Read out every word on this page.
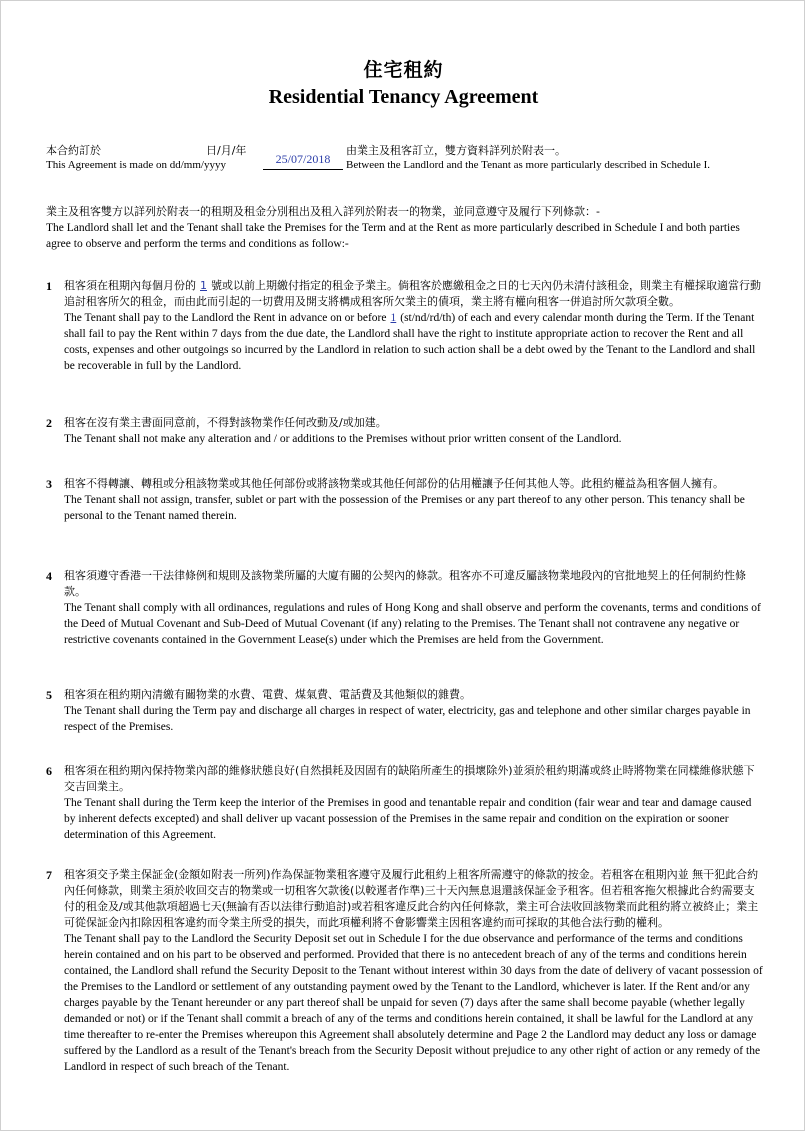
住宅租約
Residential Tenancy Agreement
本合約訂於	日/月/年
This Agreement is made on dd/mm/yyyy	25/07/2018
由業主及租客訂立，雙方資料詳列於附表一。
Between the Landlord and the Tenant as more particularly described in Schedule I.
業主及租客雙方以詳列於附表一的租期及租金分別租出及租入詳列於附表一的物業，並同意遵守及履行下列條款：-
The Landlord shall let and the Tenant shall take the Premises for the Term and at the Rent as more particularly described in Schedule I and both parties agree to observe and perform the terms and conditions as follow:-
1 租客須在租期內每個月份的 1 號或以前上期繳付指定的租金予業主。倘租客於應繳租金之日的七天內仍未清付該租金，則業主有權採取適當行動追討租客所欠的租金，而由此而引起的一切費用及開支將構成租客所欠業主的債項，業主將有權向租客一併追討所欠款項全數。
The Tenant shall pay to the Landlord the Rent in advance on or before 1 (st/nd/rd/th) of each and every calendar month during the Term. If the Tenant shall fail to pay the Rent within 7 days from the due date, the Landlord shall have the right to institute appropriate action to recover the Rent and all costs, expenses and other outgoings so incurred by the Landlord in relation to such action shall be a debt owed by the Tenant to the Landlord and shall be recoverable in full by the Landlord.
2 租客在沒有業主書面同意前，不得對該物業作任何改動及/或加建。
The Tenant shall not make any alteration and / or additions to the Premises without prior written consent of the Landlord.
3 租客不得轉讓、轉租或分租該物業或其他任何部份或將該物業或其他任何部份的佔用權讓予任何其他人等。此租約權益為租客個人擁有。
The Tenant shall not assign, transfer, sublet or part with the possession of the Premises or any part thereof to any other person. This tenancy shall be personal to the Tenant named therein.
4 租客須遵守香港一干法律條例和規則及該物業所屬的大廈有關的公契內的條款。租客亦不可違反屬該物業地段內的官批地契上的任何制約性條款。
The Tenant shall comply with all ordinances, regulations and rules of Hong Kong and shall observe and perform the covenants, terms and conditions of the Deed of Mutual Covenant and Sub-Deed of Mutual Covenant (if any) relating to the Premises. The Tenant shall not contravene any negative or restrictive covenants contained in the Government Lease(s) under which the Premises are held from the Government.
5 租客須在租約期內清繳有關物業的水費、電費、煤氣費、電話費及其他類似的雜費。
The Tenant shall during the Term pay and discharge all charges in respect of water, electricity, gas and telephone and other similar charges payable in respect of the Premises.
6 租客須在租約期內保持物業內部的維修狀態良好(自然損耗及因固有的缺陷所產生的損壞除外)並須於租約期滿或終止時將物業在同樣維修狀態下交吉回業主。
The Tenant shall during the Term keep the interior of the Premises in good and tenantable repair and condition (fair wear and tear and damage caused by inherent defects excepted) and shall deliver up vacant possession of the Premises in the same repair and condition on the expiration or sooner determination of this Agreement.
7 租客須交予業主保証金(金額如附表一所列)作為保証物業租客遵守及履行此租約上租客所需遵守的條款的按金。若租客在租期內並 無干犯此合約內任何條款，則業主須於收回交吉的物業或一切租客欠款後(以較遲者作準)三十天內無息退還該保証金予租客。但若租客拖欠根據此合約需要支付的租金及/或其他款項超過七天(無論有否以法律行動追討)或若租客違反此合約內任何條款，業主可合法收回該物業而此租約將立被終止；業主可從保証金內扣除因租客違約而令業主所受的損失，而此項權利將不會影響業主因租客違約而可採取的其他合法行動的權利。
The Tenant shall pay to the Landlord the Security Deposit set out in Schedule I for the due observance and performance of the terms and conditions herein contained and on his part to be observed and performed. Provided that there is no antecedent breach of any of the terms and conditions herein contained, the Landlord shall refund the Security Deposit to the Tenant without interest within 30 days from the date of delivery of vacant possession of the Premises to the Landlord or settlement of any outstanding payment owed by the Tenant to the Landlord, whichever is later. If the Rent and/or any charges payable by the Tenant hereunder or any part thereof shall be unpaid for seven (7) days after the same shall become payable (whether legally demanded or not) or if the Tenant shall commit a breach of any of the terms and conditions herein contained, it shall be lawful for the Landlord at any time thereafter to re-enter the Premises whereupon this Agreement shall absolutely determine and Page 2 the Landlord may deduct any loss or damage suffered by the Landlord as a result of the Tenant's breach from the Security Deposit without prejudice to any other right of action or any remedy of the Landlord in respect of such breach of the Tenant.
